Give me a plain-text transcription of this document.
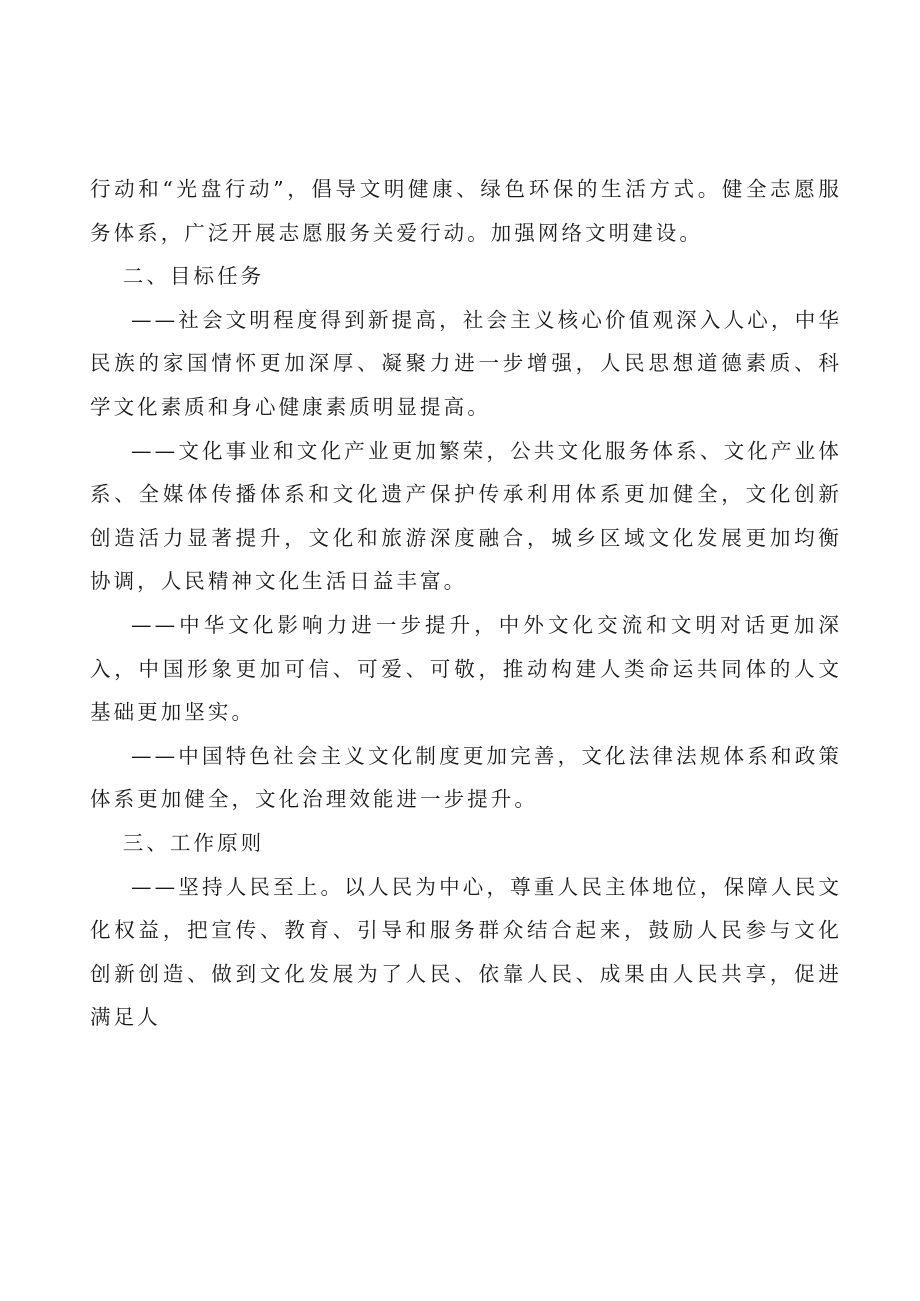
行动和“光盘行动”，倡导文明健康、绿色环保的生活方式。健全志愿服务体系，广泛开展志愿服务关爱行动。加强网络文明建设。

二、目标任务

——社会文明程度得到新提高，社会主义核心价值观深入人心，中华民族的家国情怀更加深厚、凝聚力进一步增强，人民思想道德素质、科学文化素质和身心健康素质明显提高。

——文化事业和文化产业更加繁荣，公共文化服务体系、文化产业体系、全媒体传播体系和文化遗产保护传承利用体系更加健全，文化创新创造活力显著提升，文化和旅游深度融合，城乡区域文化发展更加均衡协调，人民精神文化生活日益丰富。

——中华文化影响力进一步提升，中外文化交流和文明对话更加深入，中国形象更加可信、可爱、可敬，推动构建人类命运共同体的人文基础更加坚实。

——中国特色社会主义文化制度更加完善，文化法律法规体系和政策体系更加健全，文化治理效能进一步提升。

三、工作原则

——坚持人民至上。以人民为中心，尊重人民主体地位，保障人民文化权益，把宣传、教育、引导和服务群众结合起来，鼓励人民参与文化创新创造、做到文化发展为了人民、依靠人民、成果由人民共享，促进满足人
